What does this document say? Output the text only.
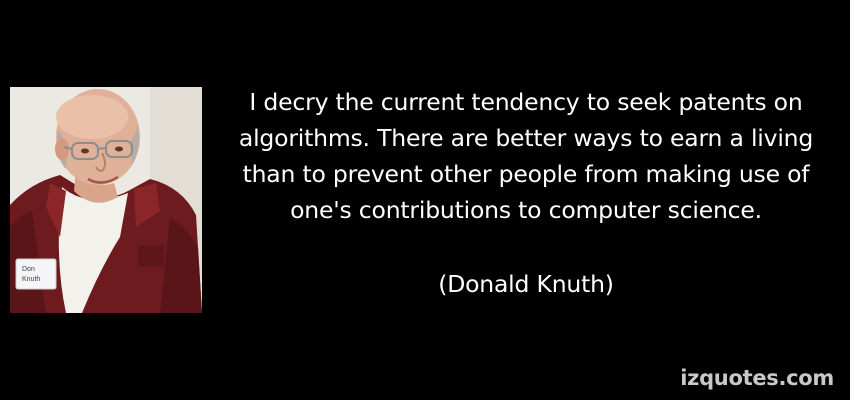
Don
Knuth
I decry the current tendency to seek patents on
algorithms. There are better ways to earn a living
than to prevent other people from making use of
one's contributions to computer science.
(Donald Knuth)
izquotes.com
